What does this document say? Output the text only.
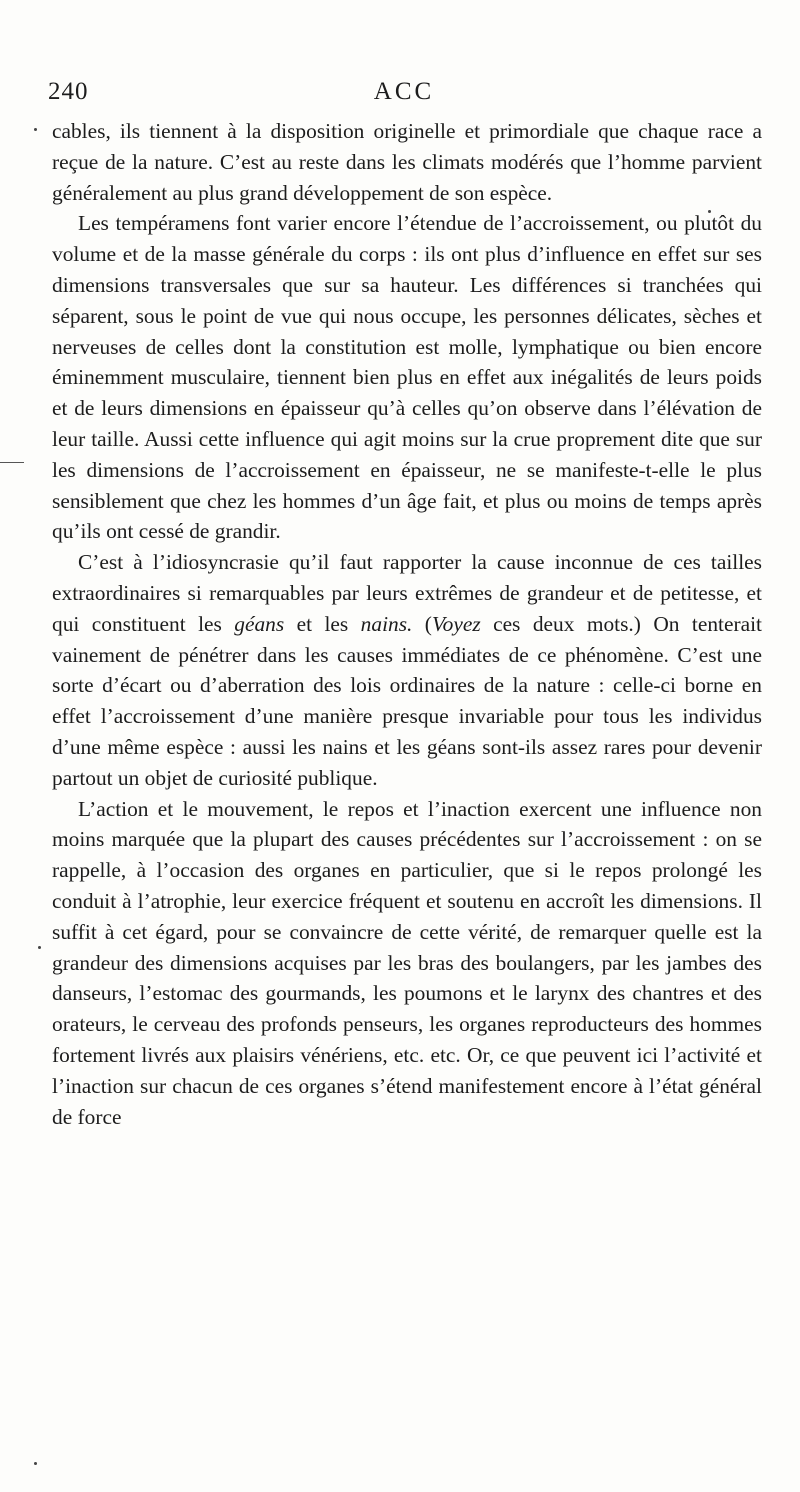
240	ACC

cables, ils tiennent à la disposition originelle et primordiale que chaque race a reçue de la nature. C’est au reste dans les climats modérés que l’homme parvient généralement au plus grand développement de son espèce.

Les tempéramens font varier encore l’étendue de l’accroissement, ou plutôt du volume et de la masse générale du corps : ils ont plus d’influence en effet sur ses dimensions transversales que sur sa hauteur. Les différences si tranchées qui séparent, sous le point de vue qui nous occupe, les personnes délicates, sèches et nerveuses de celles dont la constitution est molle, lymphatique ou bien encore éminemment musculaire, tiennent bien plus en effet aux inégalités de leurs poids et de leurs dimensions en épaisseur qu’à celles qu’on observe dans l’élévation de leur taille. Aussi cette influence qui agit moins sur la crue proprement dite que sur les dimensions de l’accroissement en épaisseur, ne se manifeste-t-elle le plus sensiblement que chez les hommes d’un âge fait, et plus ou moins de temps après qu’ils ont cessé de grandir.

C’est à l’idiosyncrasie qu’il faut rapporter la cause inconnue de ces tailles extraordinaires si remarquables par leurs extrêmes de grandeur et de petitesse, et qui constituent les géans et les nains. (Voyez ces deux mots.) On tenterait vainement de pénétrer dans les causes immédiates de ce phénomène. C’est une sorte d’écart ou d’aberration des lois ordinaires de la nature : celle-ci borne en effet l’accroissement d’une manière presque invariable pour tous les individus d’une même espèce : aussi les nains et les géans sont-ils assez rares pour devenir partout un objet de curiosité publique.

L’action et le mouvement, le repos et l’inaction exercent une influence non moins marquée que la plupart des causes précédentes sur l’accroissement : on se rappelle, à l’occasion des organes en particulier, que si le repos prolongé les conduit à l’atrophie, leur exercice fréquent et soutenu en accroît les dimensions. Il suffit à cet égard, pour se convaincre de cette vérité, de remarquer quelle est la grandeur des dimensions acquises par les bras des boulangers, par les jambes des danseurs, l’estomac des gourmands, les poumons et le larynx des chantres et des orateurs, le cerveau des profonds penseurs, les organes reproducteurs des hommes fortement livrés aux plaisirs vénériens, etc. etc. Or, ce que peuvent ici l’activité et l’inaction sur chacun de ces organes s’étend manifestement encore à l’état général de force
